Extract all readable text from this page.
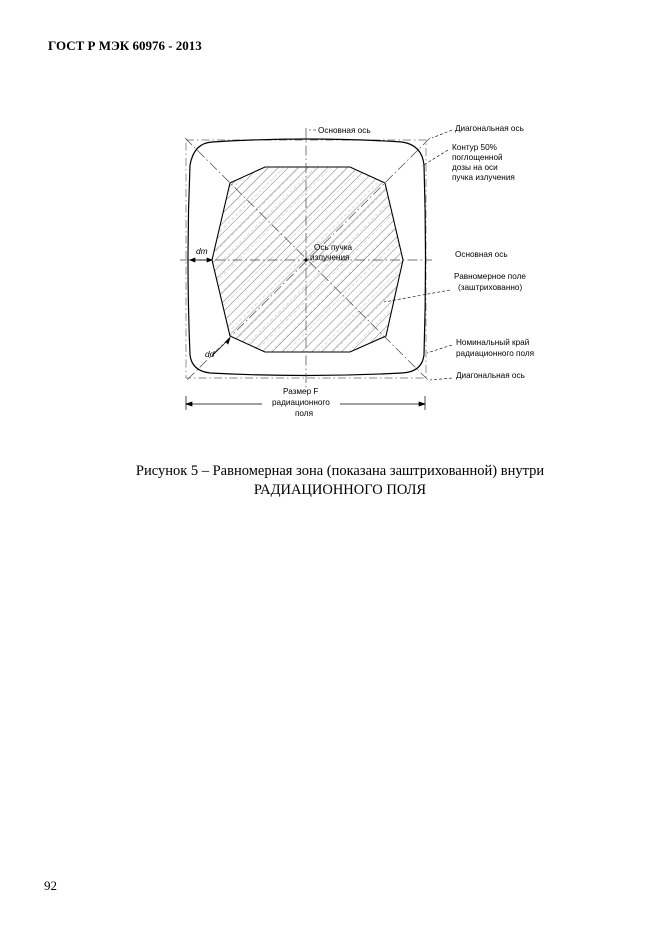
ГОСТ Р МЭК 60976 - 2013
Основная ось	Диагональная ось
Контур 50%
поглощенной
дозы на оси
пучка излучения
Ось пучка
излучения	Основная ось
Равномерное поле
(заштрихованно)
Номинальный край
радиационного поля
Диагональная ось
Размер F
радиационного
поля
dm
dd
Рисунок 5 – Равномерная зона (показана заштрихованной) внутри
РАДИАЦИОННОГО ПОЛЯ
92
